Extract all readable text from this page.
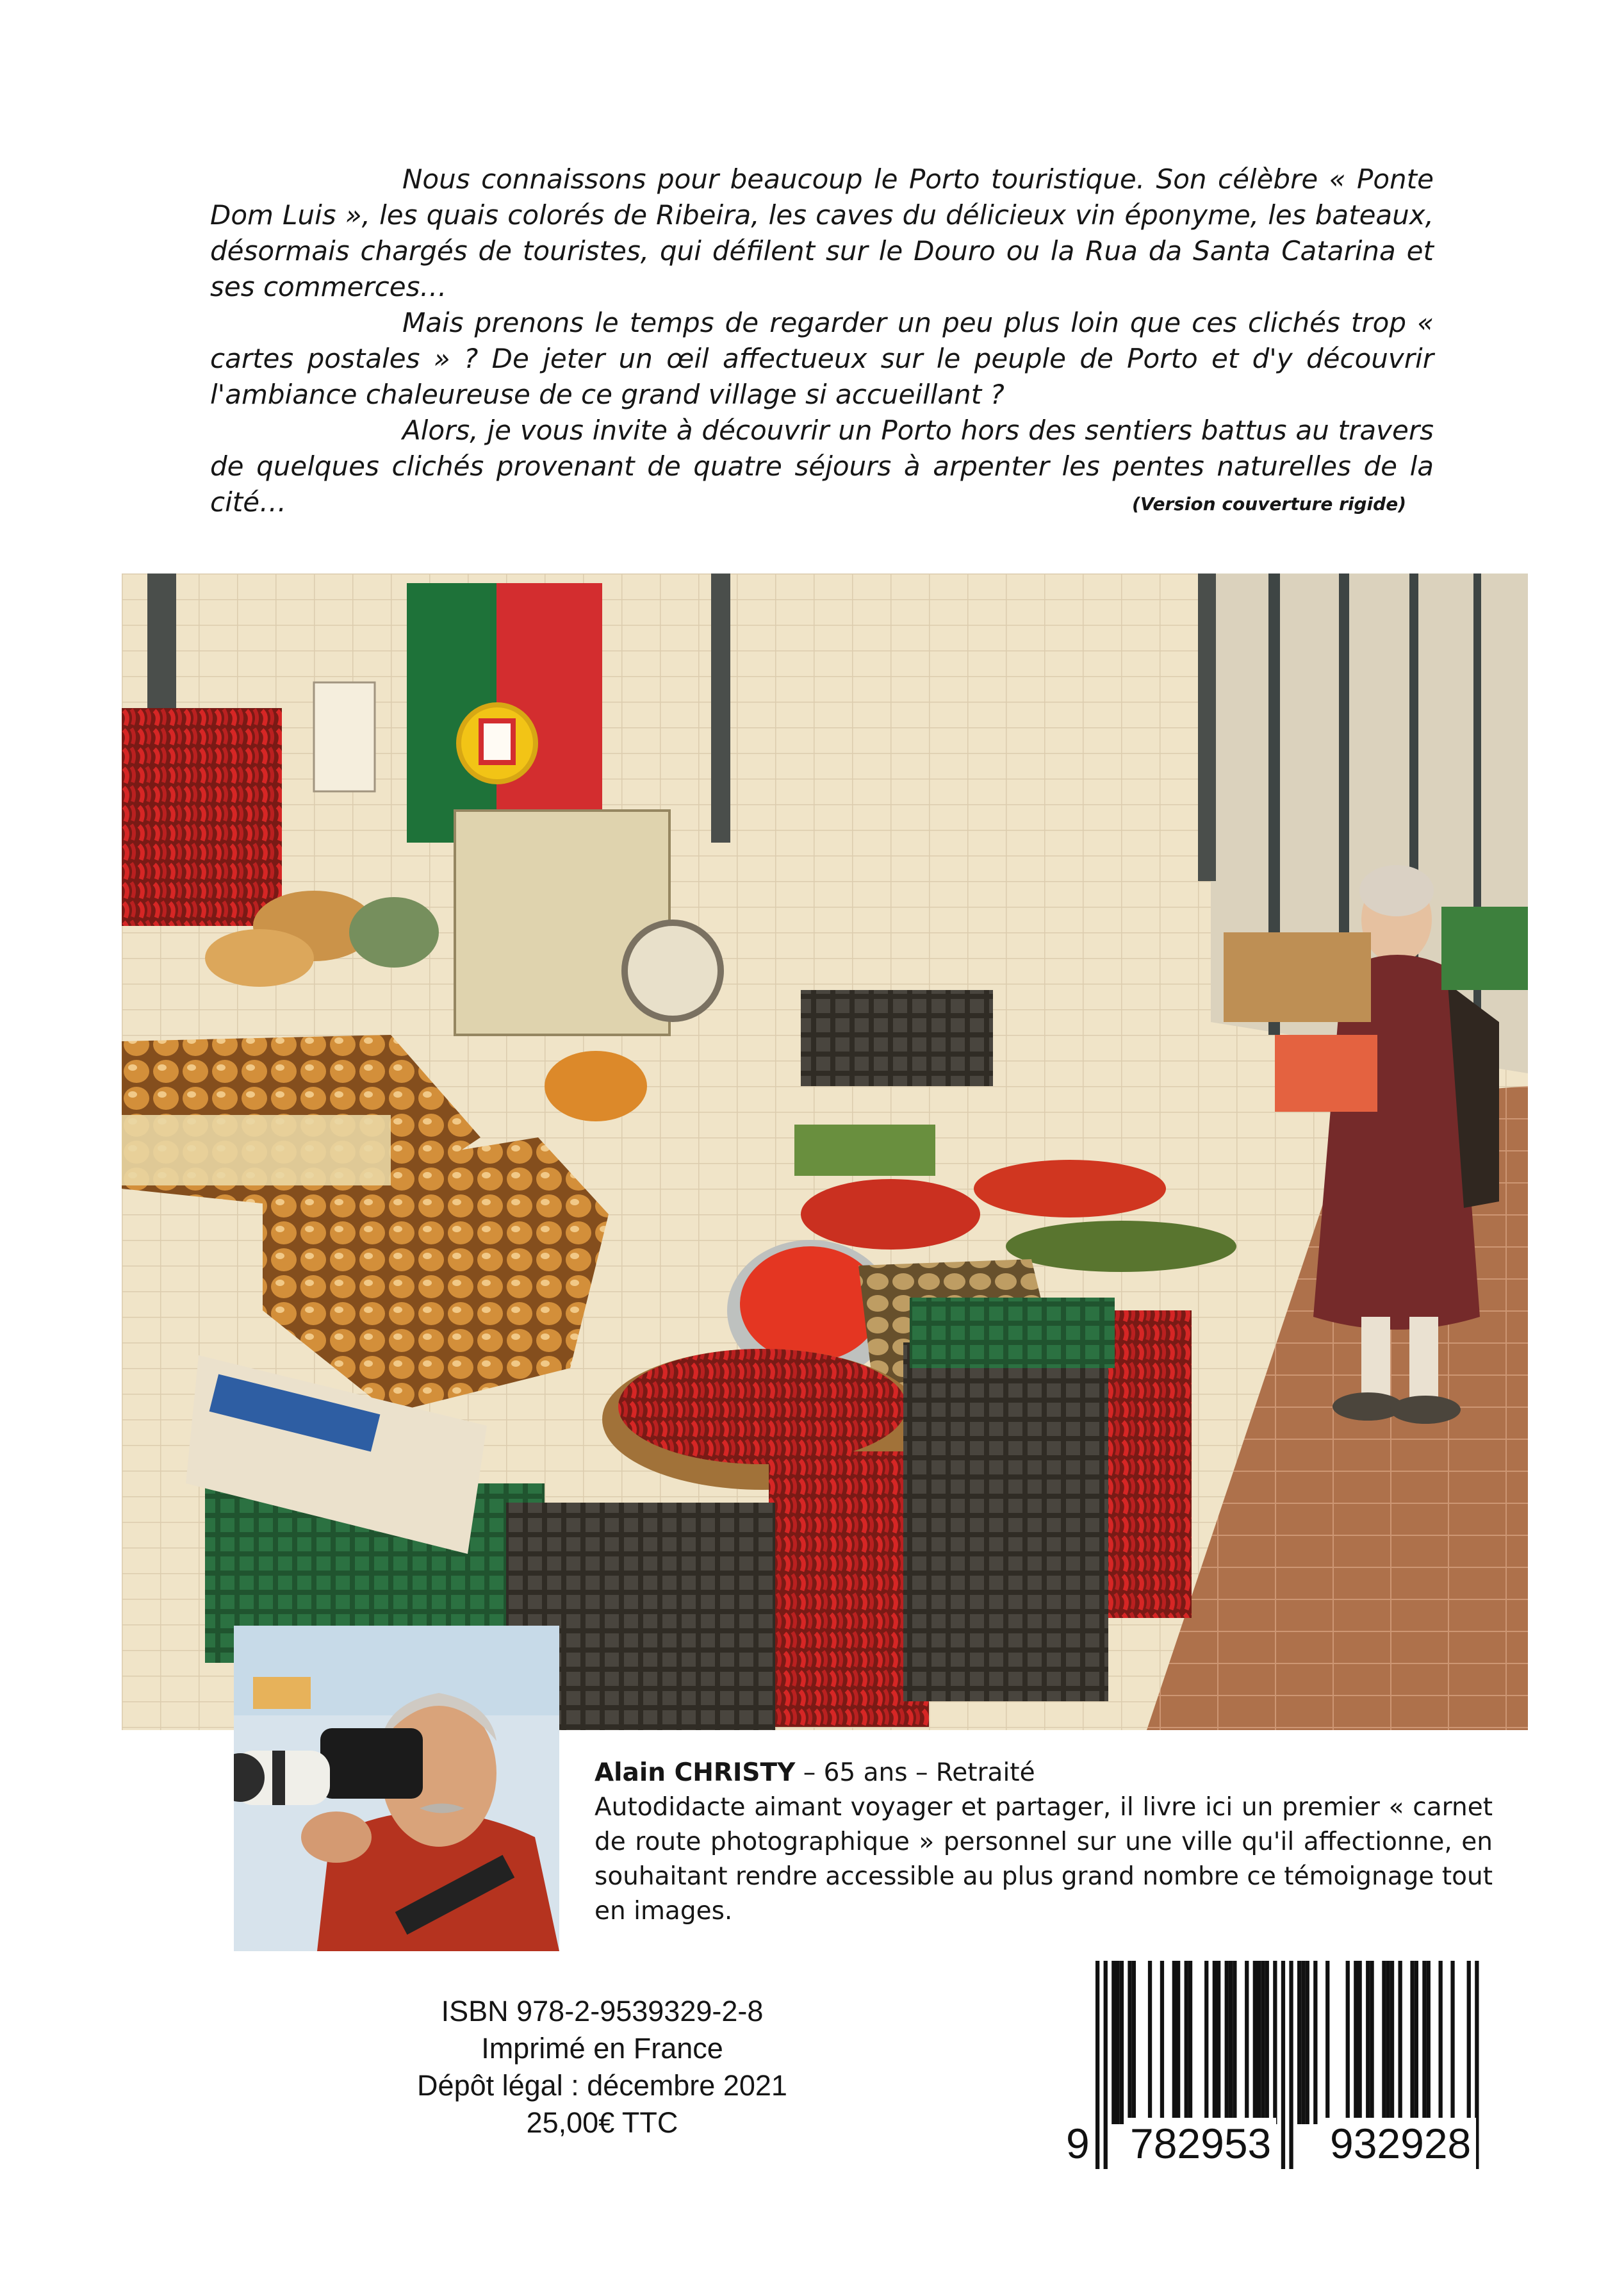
Nous connaissons pour beaucoup le Porto touristique. Son célèbre « Ponte Dom Luis », les quais colorés de Ribeira, les caves du délicieux vin éponyme, les bateaux, désormais chargés de touristes, qui défilent sur le Douro ou la Rua da Santa Catarina et ses commerces…

Mais prenons le temps de regarder un peu plus loin que ces clichés trop « cartes postales » ? De jeter un œil affectueux sur le peuple de Porto et d'y découvrir l'ambiance chaleureuse de ce grand village si accueillant ?

Alors, je vous invite à découvrir un Porto hors des sentiers battus au travers de quelques clichés provenant de quatre séjours à arpenter les pentes naturelles de la cité…	(Version couverture rigide)

Alain CHRISTY – 65 ans – Retraité

Autodidacte aimant voyager et partager, il livre ici un premier « carnet de route photographique » personnel sur une ville qu'il affectionne, en souhaitant rendre accessible au plus grand nombre ce témoignage tout en images.

ISBN 978-2-9539329-2-8
Imprimé en France
Dépôt légal : décembre 2021
25,00€ TTC	9 782953 932928
